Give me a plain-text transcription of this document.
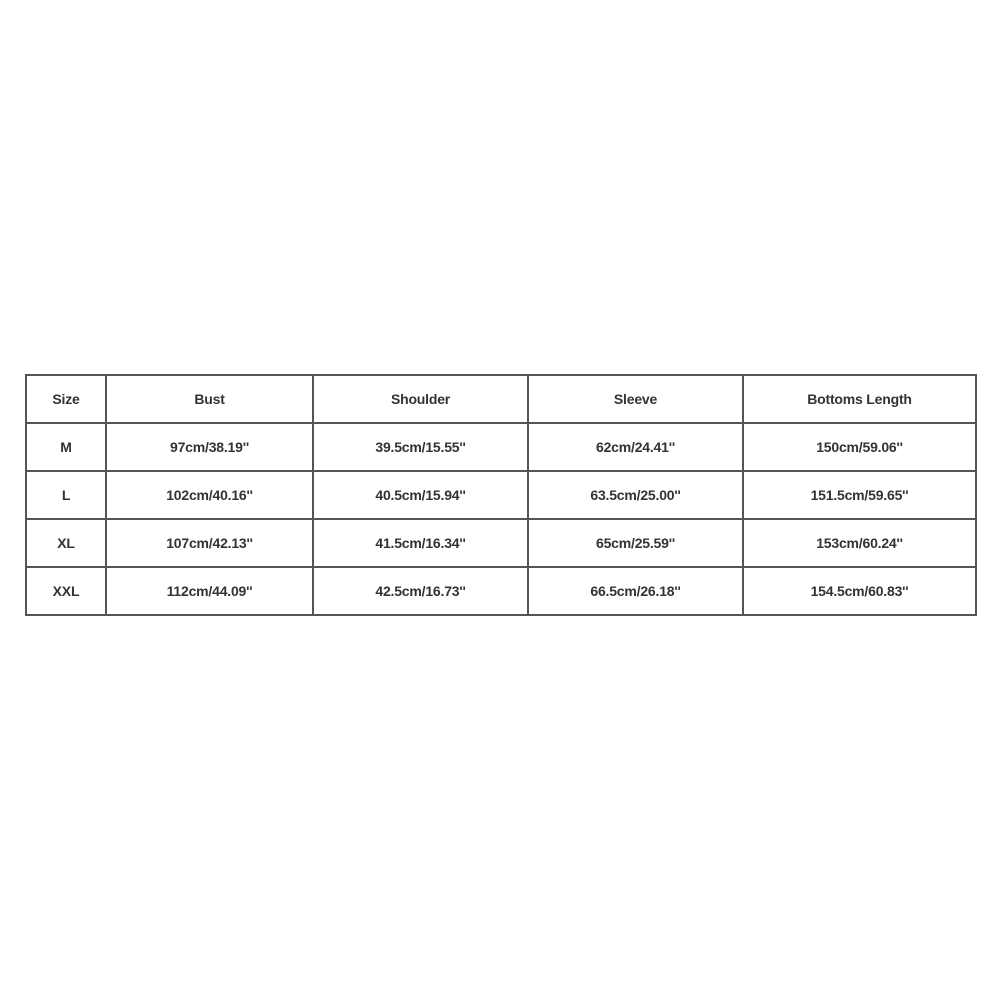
Size	Bust	Shoulder	Sleeve	Bottoms Length
M	97cm/38.19''	39.5cm/15.55''	62cm/24.41''	150cm/59.06''
L	102cm/40.16''	40.5cm/15.94''	63.5cm/25.00''	151.5cm/59.65''
XL	107cm/42.13''	41.5cm/16.34''	65cm/25.59''	153cm/60.24''
XXL	112cm/44.09''	42.5cm/16.73''	66.5cm/26.18''	154.5cm/60.83''
